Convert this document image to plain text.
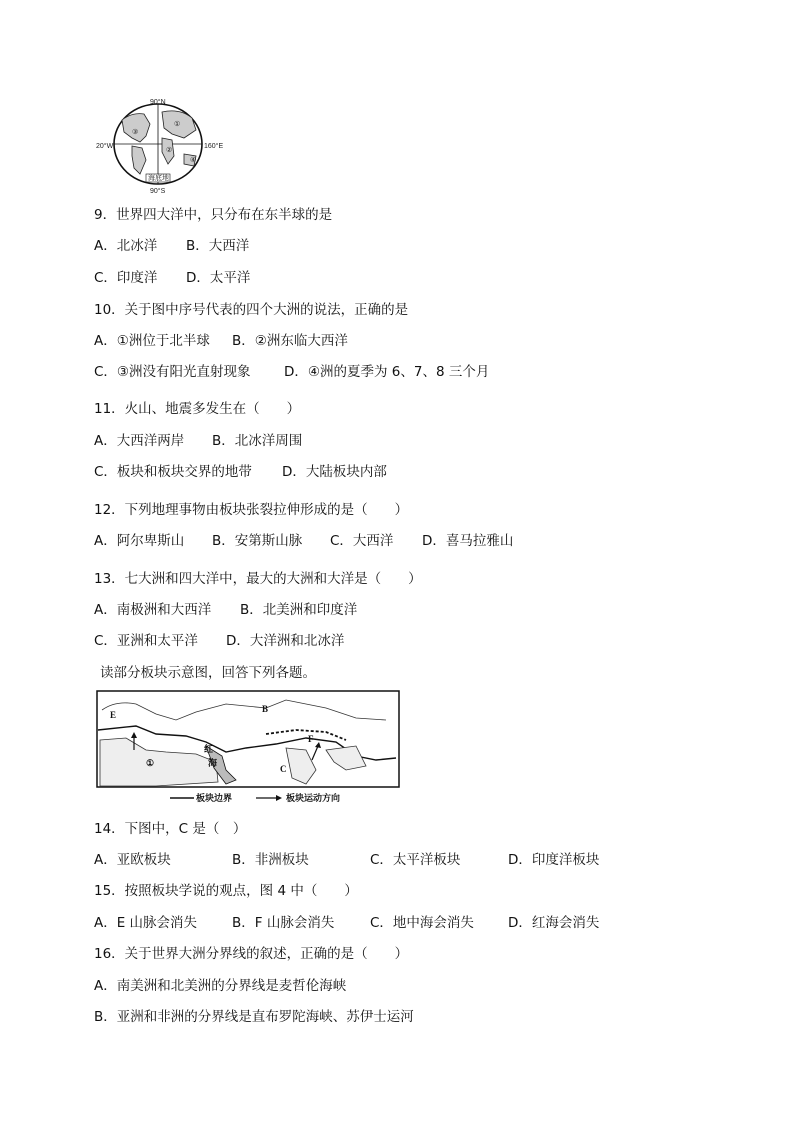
90°N
90°S
20°W	160°E
③
①
④
②
海底地
9．世界四大洋中，只分布在东半球的是
A．北冰洋 B．大西洋
C．印度洋 D．太平洋
10．关于图中序号代表的四个大洲的说法，正确的是
A．①洲位于北半球 B．②洲东临大西洋
C．③洲没有阳光直射现象 D．④洲的夏季为 6、7、8 三个月
11．火山、地震多发生在（　　）
A．大西洋两岸 B．北冰洋周围
C．板块和板块交界的地带 D．大陆板块内部
12．下列地理事物由板块张裂拉伸形成的是（　　）
A．阿尔卑斯山 B．安第斯山脉 C．大西洋 D．喜马拉雅山
13．七大洲和四大洋中，最大的大洲和大洋是（　　）
A．南极洲和大西洋 B．北美洲和印度洋
C．亚洲和太平洋 D．大洋洲和北冰洋
读部分板块示意图，回答下列各题。
E
B
F
C
红
海
①
板块边界	板块运动方向
14．下图中，C 是（　）
A．亚欧板块	B．非洲板块	C．太平洋板块	D．印度洋板块
15．按照板块学说的观点，图 4 中（　　）
A．E 山脉会消失	B．F 山脉会消失	C．地中海会消失	D．红海会消失
16．关于世界大洲分界线的叙述，正确的是（　　）
A．南美洲和北美洲的分界线是麦哲伦海峡
B．亚洲和非洲的分界线是直布罗陀海峡、苏伊士运河
